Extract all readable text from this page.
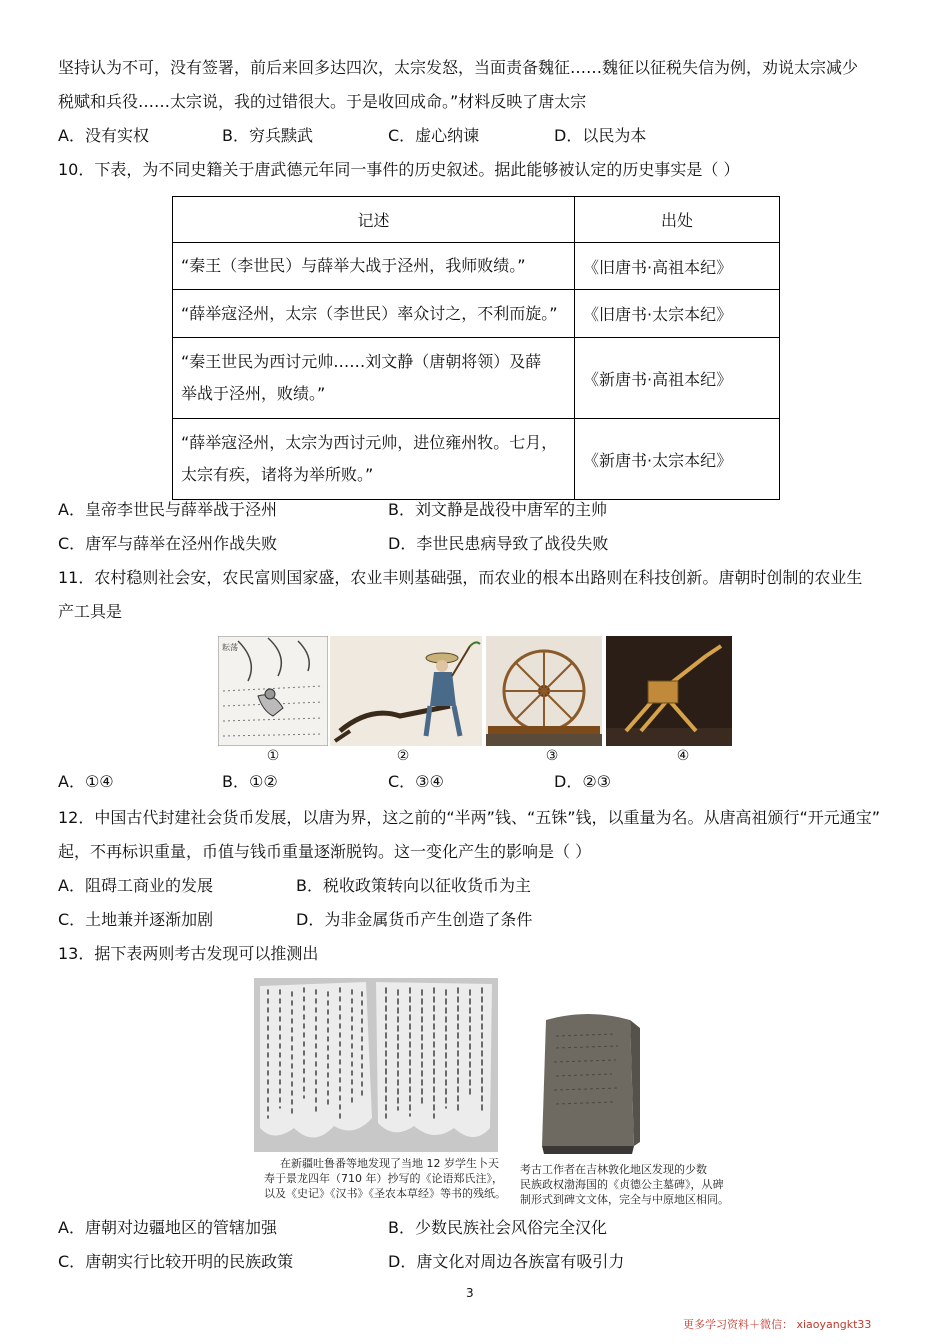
坚持认为不可，没有签署，前后来回多达四次，太宗发怒，当面责备魏征……魏征以征税失信为例，劝说太宗减少
税赋和兵役……太宗说，我的过错很大。于是收回成命。”材料反映了唐太宗
A．没有实权	B．穷兵黩武	C．虚心纳谏	D．以民为本
10．下表，为不同史籍关于唐武德元年同一事件的历史叙述。据此能够被认定的历史事实是（ ）
记述	出处

“秦王（李世民）与薛举大战于泾州，我师败绩。”	《旧唐书·高祖本纪》

“薛举寇泾州，太宗（李世民）率众讨之，不利而旋。”	《旧唐书·太宗本纪》

“秦王世民为西讨元帅……刘文静（唐朝将领）及薛
举战于泾州，败绩。”	《新唐书·高祖本纪》

“薛举寇泾州，太宗为西讨元帅，进位雍州牧。七月，
太宗有疾，诸将为举所败。”	《新唐书·太宗本纪》
A．皇帝李世民与薛举战于泾州	B．刘文静是战役中唐军的主帅
C．唐军与薛举在泾州作战失败	D．李世民患病导致了战役失败
11．农村稳则社会安，农民富则国家盛，农业丰则基础强，而农业的根本出路则在科技创新。唐朝时创制的农业生
产工具是
耘荡
①	②	③	④
A．①④	B．①②	C．③④	D．②③
12．中国古代封建社会货币发展，以唐为界，这之前的“半两”钱、“五铢”钱，以重量为名。从唐高祖颁行“开元通宝”
起，不再标识重量，币值与钱币重量逐渐脱钩。这一变化产生的影响是（ ）
A．阻碍工商业的发展	B．税收政策转向以征收货币为主
C．土地兼并逐渐加剧	D．为非金属货币产生创造了条件
13．据下表两则考古发现可以推测出
在新疆吐鲁番等地发现了当地 12 岁学生卜天
寿于景龙四年（710 年）抄写的《论语郑氏注》，
以及《史记》《汉书》《圣农本草经》等书的残纸。
考古工作者在吉林敦化地区发现的少数
民族政权渤海国的《贞德公主墓碑》，从碑
制形式到碑文文体，完全与中原地区相同。
A．唐朝对边疆地区的管辖加强	B．少数民族社会风俗完全汉化
C．唐朝实行比较开明的民族政策	D．唐文化对周边各族富有吸引力
3
更多学习资料＋微信： xiaoyangkt33
